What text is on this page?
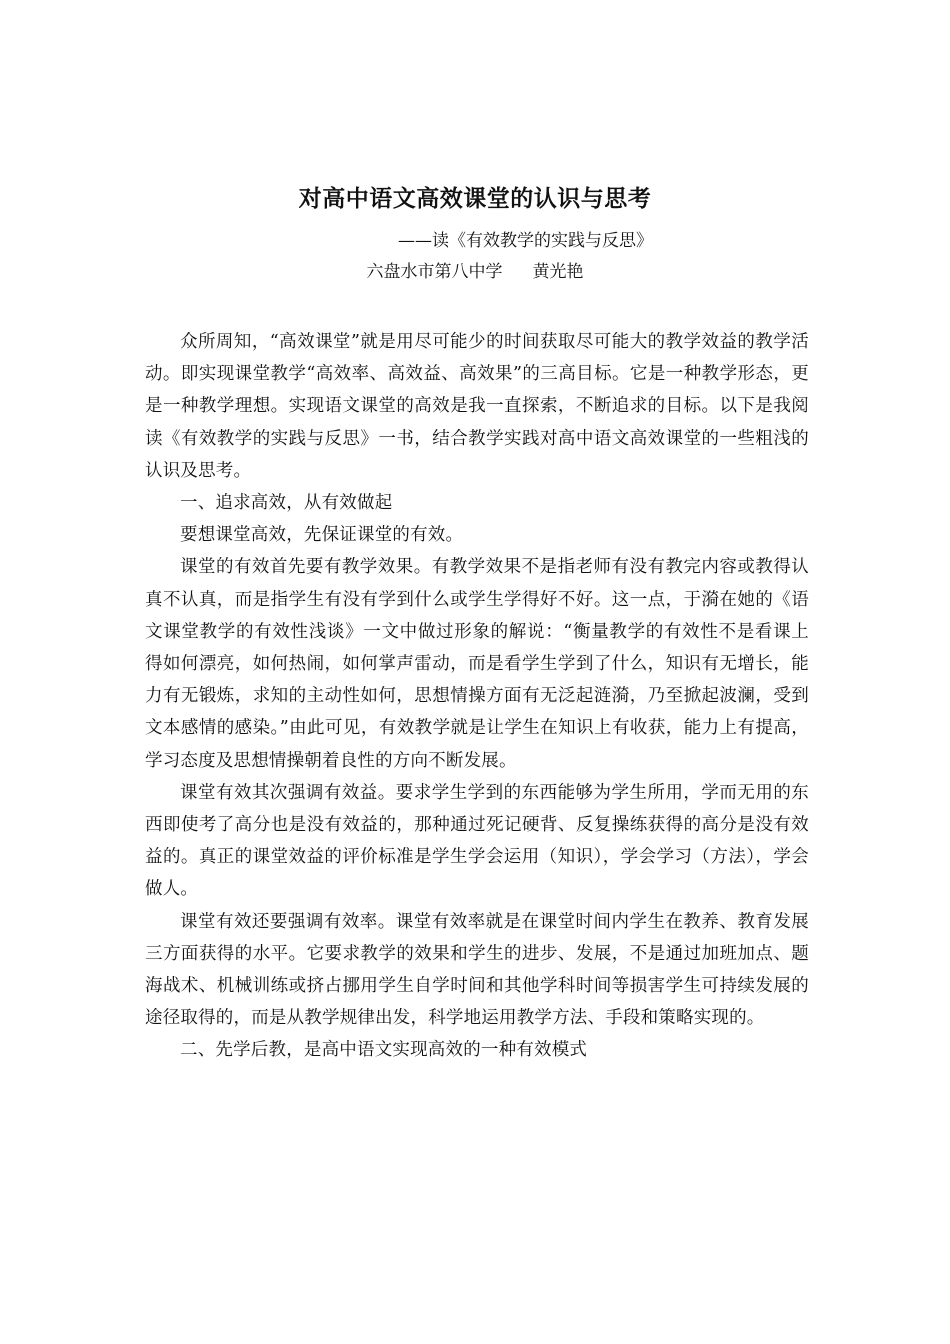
对高中语文高效课堂的认识与思考
——读《有效教学的实践与反思》
六盘水市第八中学 黄光艳

众所周知，“高效课堂”就是用尽可能少的时间获取尽可能大的教学效益的教学活动。即实现课堂教学“高效率、高效益、高效果”的三高目标。它是一种教学形态，更是一种教学理想。实现语文课堂的高效是我一直探索，不断追求的目标。以下是我阅读《有效教学的实践与反思》一书，结合教学实践对高中语文高效课堂的一些粗浅的认识及思考。

一、追求高效，从有效做起

要想课堂高效，先保证课堂的有效。

课堂的有效首先要有教学效果。有教学效果不是指老师有没有教完内容或教得认真不认真，而是指学生有没有学到什么或学生学得好不好。这一点，于漪在她的《语文课堂教学的有效性浅谈》一文中做过形象的解说：“衡量教学的有效性不是看课上得如何漂亮，如何热闹，如何掌声雷动，而是看学生学到了什么，知识有无增长，能力有无锻炼，求知的主动性如何，思想情操方面有无泛起涟漪，乃至掀起波澜，受到文本感情的感染。”由此可见，有效教学就是让学生在知识上有收获，能力上有提高，学习态度及思想情操朝着良性的方向不断发展。

课堂有效其次强调有效益。要求学生学到的东西能够为学生所用，学而无用的东西即使考了高分也是没有效益的，那种通过死记硬背、反复操练获得的高分是没有效益的。真正的课堂效益的评价标准是学生学会运用（知识），学会学习（方法），学会做人。

课堂有效还要强调有效率。课堂有效率就是在课堂时间内学生在教养、教育发展三方面获得的水平。它要求教学的效果和学生的进步、发展，不是通过加班加点、题海战术、机械训练或挤占挪用学生自学时间和其他学科时间等损害学生可持续发展的途径取得的，而是从教学规律出发，科学地运用教学方法、手段和策略实现的。

二、先学后教，是高中语文实现高效的一种有效模式
